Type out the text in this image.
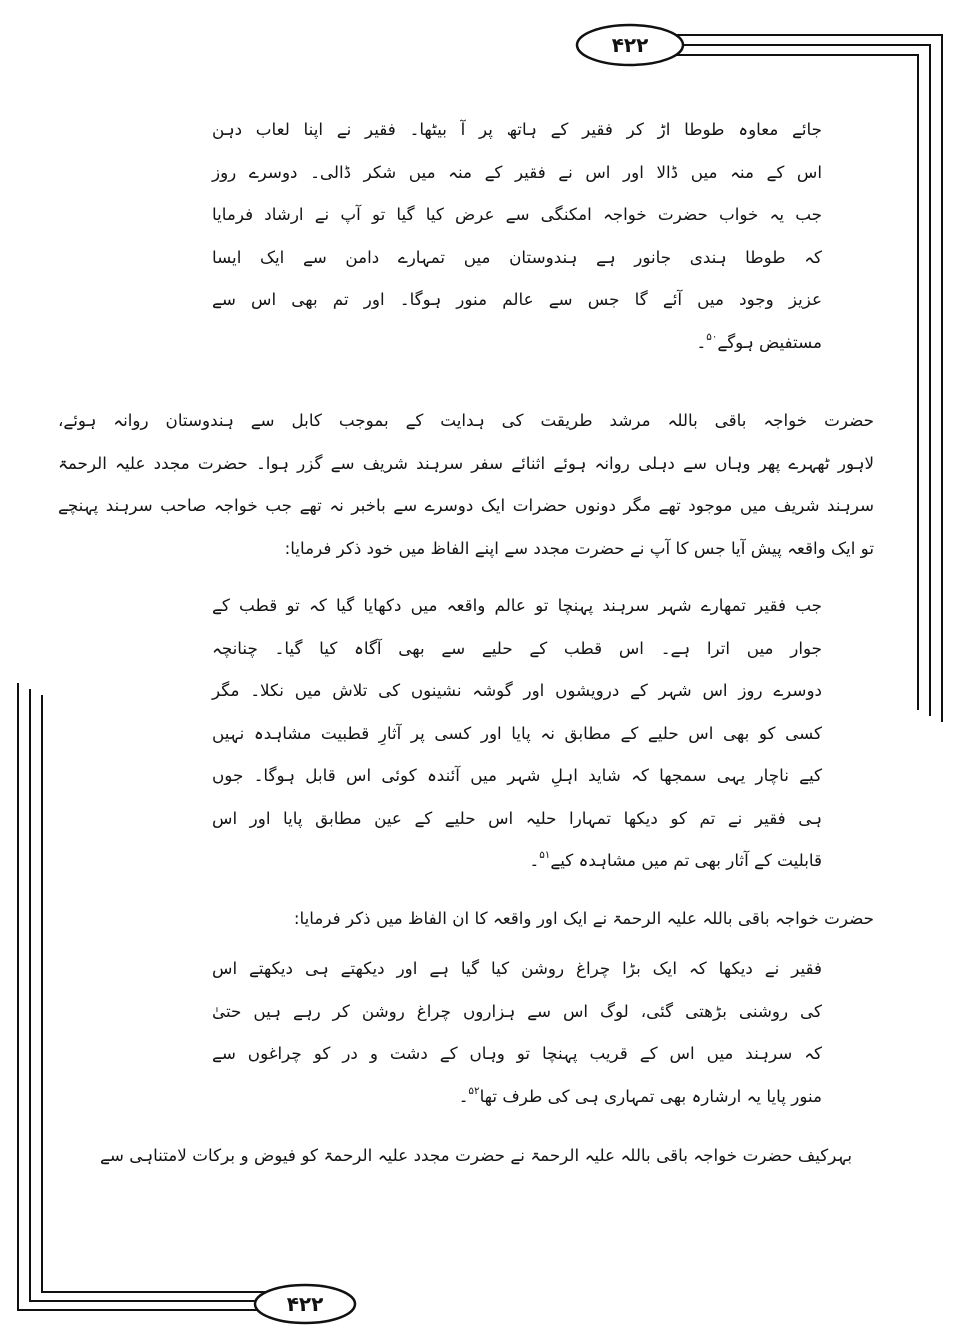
۴۲۲
۴۲۲
جائے معاوہ طوطا اڑ کر فقیر کے ہاتھ پر آ بیٹھا۔ فقیر نے اپنا لعاب دہن
اس کے منہ میں ڈالا اور اس نے فقیر کے منہ میں شکر ڈالی۔ دوسرے روز
جب یہ خواب حضرت خواجہ امکنگی سے عرض کیا گیا تو آپ نے ارشاد فرمایا
کہ طوطا ہندی جانور ہے ہندوستان میں تمہارے دامن سے ایک ایسا
عزیز وجود میں آئے گا جس سے عالم منور ہوگا۔ اور تم بھی اس سے
مستفیض ہوگے$^{۵۰}$۔
حضرت خواجہ باقی باللہ مرشد طریقت کی ہدایت کے بموجب کابل سے ہندوستان روانہ ہوئے،
لاہور ٹھہرے پھر وہاں سے دہلی روانہ ہوئے اثنائے سفر سرہند شریف سے گزر ہوا۔ حضرت مجدد علیہ الرحمۃ
سرہند شریف میں موجود تھے مگر دونوں حضرات ایک دوسرے سے باخبر نہ تھے جب خواجہ صاحب سرہند پہنچے
تو ایک واقعہ پیش آیا جس کا آپ نے حضرت مجدد سے اپنے الفاظ میں خود ذکر فرمایا:
جب فقیر تمھارے شہر سرہند پہنچا تو عالم واقعہ میں دکھایا گیا کہ تو قطب کے
جوار میں اترا ہے۔ اس قطب کے حلیے سے بھی آگاہ کیا گیا۔ چنانچہ
دوسرے روز اس شہر کے درویشوں اور گوشہ نشینوں کی تلاش میں نکلا۔ مگر
کسی کو بھی اس حلیے کے مطابق نہ پایا اور کسی پر آثارِ قطبیت مشاہدہ نہیں
کیے ناچار یہی سمجھا کہ شاید اہلِ شہر میں آئندہ کوئی اس قابل ہوگا۔ جوں
ہی فقیر نے تم کو دیکھا تمہارا حلیہ اس حلیے کے عین مطابق پایا اور اس
قابلیت کے آثار بھی تم میں مشاہدہ کیے$^{۵۱}$۔
حضرت خواجہ باقی باللہ علیہ الرحمۃ نے ایک اور واقعہ کا ان الفاظ میں ذکر فرمایا:
فقیر نے دیکھا کہ ایک بڑا چراغ روشن کیا گیا ہے اور دیکھتے ہی دیکھتے اس
کی روشنی بڑھتی گئی، لوگ اس سے ہزاروں چراغ روشن کر رہے ہیں حتیٰ
کہ سرہند میں اس کے قریب پہنچا تو وہاں کے دشت و در کو چراغوں سے
منور پایا یہ ارشارہ بھی تمہاری ہی کی طرف تھا$^{۵۲}$۔
بہرکیف حضرت خواجہ باقی باللہ علیہ الرحمۃ نے حضرت مجدد علیہ الرحمۃ کو فیوض و برکات لامتناہی سے
